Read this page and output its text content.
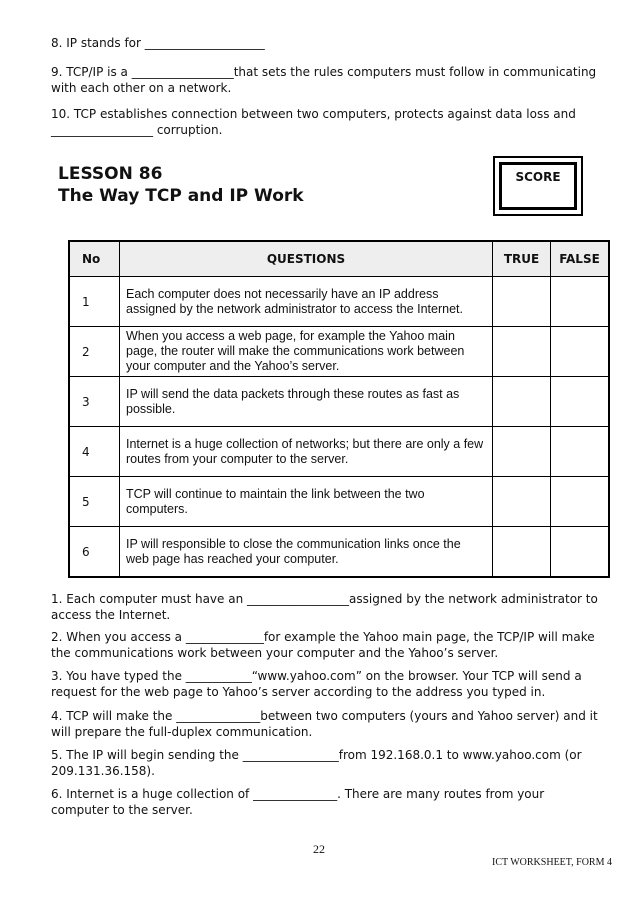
8. IP stands for ____________________
9. TCP/IP is a _________________that sets the rules computers must follow in communicating with each other on a network.
10. TCP establishes connection between two computers, protects against data loss and _________________ corruption.
LESSON 86
The Way TCP and IP Work
SCORE
No	QUESTIONS	TRUE	FALSE
1	Each computer does not necessarily have an IP address assigned by the network administrator to access the Internet.		
2	When you access a web page, for example the Yahoo main page, the router will make the communications work between your computer and the Yahoo’s server.		
3	IP will send the data packets through these routes as fast as possible.		
4	Internet is a huge collection of networks; but there are only a few routes from your computer to the server.		
5	TCP will continue to maintain the link between the two computers.		
6	IP will responsible to close the communication links once the web page has reached your computer.		
1. Each computer must have an _________________assigned by the network administrator to access the Internet.
2. When you access a _____________for example the Yahoo main page, the TCP/IP will make the communications work between your computer and the Yahoo’s server.
3. You have typed the ___________“www.yahoo.com” on the browser. Your TCP will send a request for the web page to Yahoo’s server according to the address you typed in.
4. TCP will make the ______________between two computers (yours and Yahoo server) and it will prepare the full-duplex communication.
5. The IP will begin sending the ________________from 192.168.0.1 to www.yahoo.com (or 209.131.36.158).
6. Internet is a huge collection of ______________. There are many routes from your computer to the server.
22
ICT WORKSHEET, FORM 4
